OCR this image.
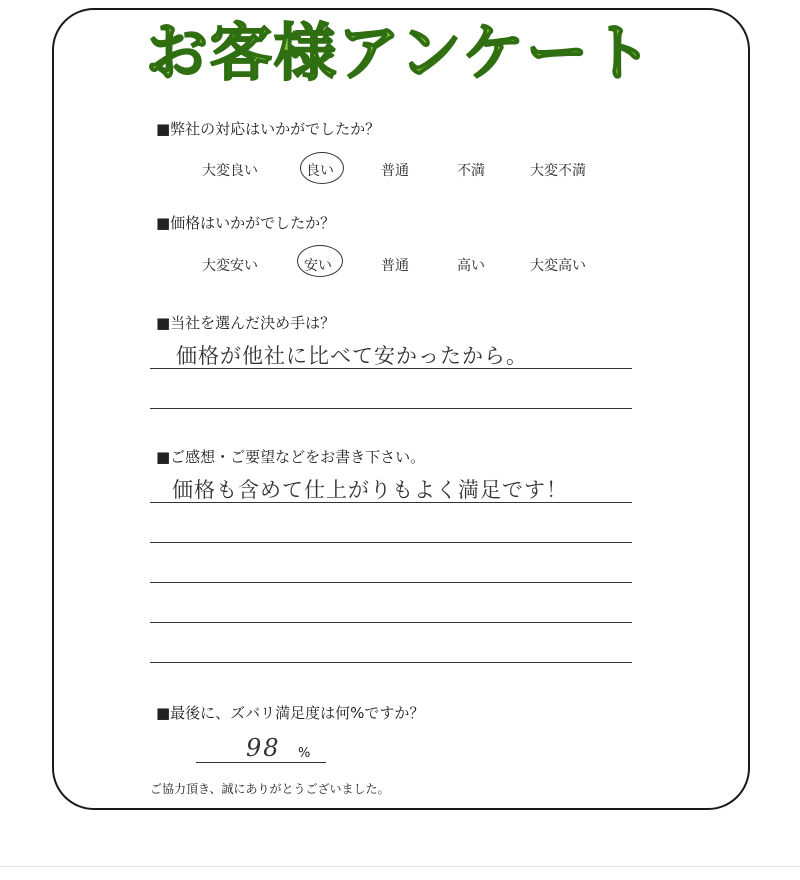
お客様アンケート
■弊社の対応はいかがでしたか？
大変良い	良い	普通	不満	大変不満
■価格はいかがでしたか？
大変安い	安い	普通	高い	大変高い
■当社を選んだ決め手は？
価格が他社に比べて安かったから。
■ご感想・ご要望などをお書き下さい。
価格も含めて仕上がりもよく満足です！
■最後に、ズバリ満足度は何%ですか？
98 %
ご協力頂き、誠にありがとうございました。
